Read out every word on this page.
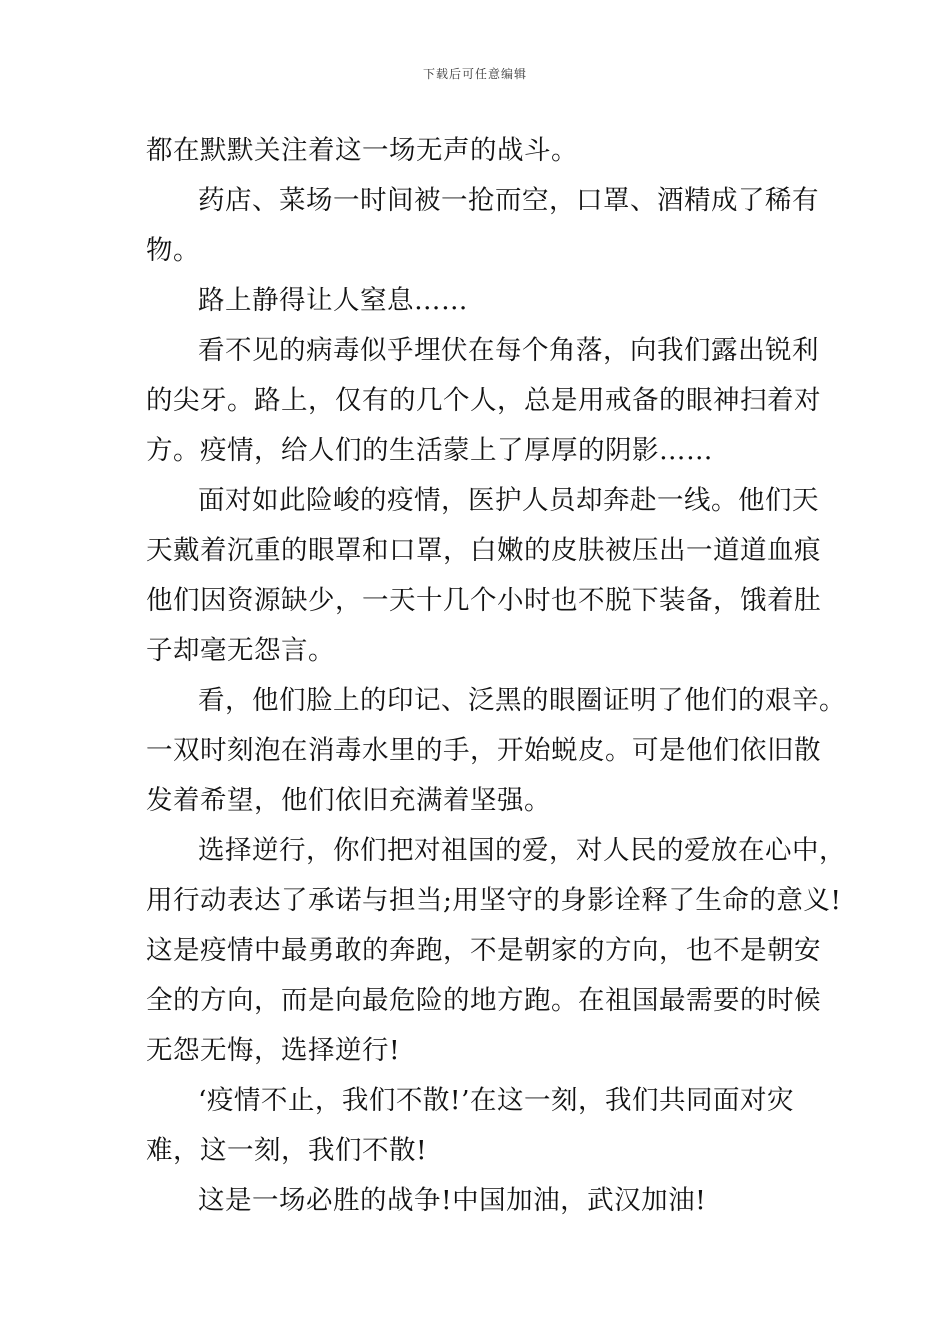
下载后可任意编辑

都在默默关注着这一场无声的战斗。

药店、菜场一时间被一抢而空，口罩、酒精成了稀有

物。

路上静得让人窒息……

看不见的病毒似乎埋伏在每个角落，向我们露出锐利

的尖牙。路上，仅有的几个人，总是用戒备的眼神扫着对

方。疫情，给人们的生活蒙上了厚厚的阴影……

面对如此险峻的疫情，医护人员却奔赴一线。他们天

天戴着沉重的眼罩和口罩，白嫩的皮肤被压出一道道血痕

他们因资源缺少，一天十几个小时也不脱下装备，饿着肚

子却毫无怨言。

看，他们脸上的印记、泛黑的眼圈证明了他们的艰辛。

一双时刻泡在消毒水里的手，开始蜕皮。可是他们依旧散

发着希望，他们依旧充满着坚强。

选择逆行，你们把对祖国的爱，对人民的爱放在心中，

用行动表达了承诺与担当;用坚守的身影诠释了生命的意义!

这是疫情中最勇敢的奔跑，不是朝家的方向，也不是朝安

全的方向，而是向最危险的地方跑。在祖国最需要的时候

无怨无悔，选择逆行!

‘疫情不止，我们不散!’在这一刻，我们共同面对灾

难，这一刻，我们不散!

这是一场必胜的战争!中国加油，武汉加油!
